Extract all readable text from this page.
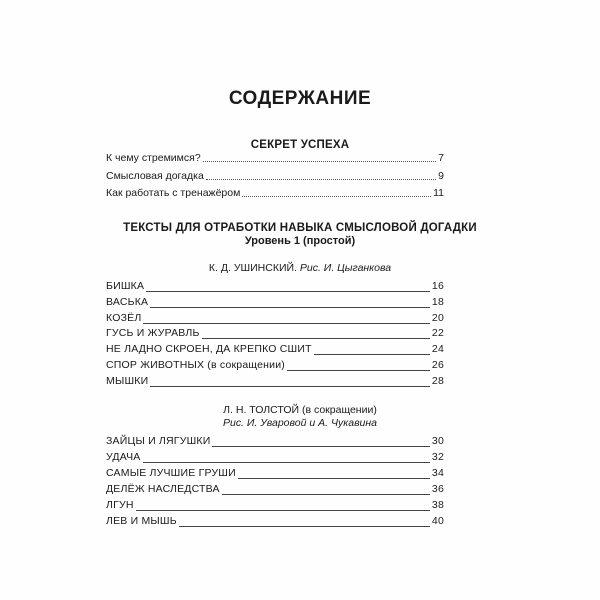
СОДЕРЖАНИЕ
СЕКРЕТ УСПЕХА
К чему стремимся?	7
Смысловая догадка	9
Как работать с тренажёром	11
ТЕКСТЫ ДЛЯ ОТРАБОТКИ НАВЫКА СМЫСЛОВОЙ ДОГАДКИ
Уровень 1 (простой)
К. Д. УШИНСКИЙ. Рис. И. Цыганкова
БИШКА	16
ВАСЬКА	18
КОЗЁЛ	20
ГУСЬ И ЖУРАВЛЬ	22
НЕ ЛАДНО СКРОЕН, ДА КРЕПКО СШИТ	24
СПОР ЖИВОТНЫХ (в сокращении)	26
МЫШКИ	28
Л. Н. ТОЛСТОЙ (в сокращении)
Рис. И. Уваровой и А. Чукавина
ЗАЙЦЫ И ЛЯГУШКИ	30
УДАЧА	32
САМЫЕ ЛУЧШИЕ ГРУШИ	34
ДЕЛЁЖ НАСЛЕДСТВА	36
ЛГУН	38
ЛЕВ И МЫШЬ	40
